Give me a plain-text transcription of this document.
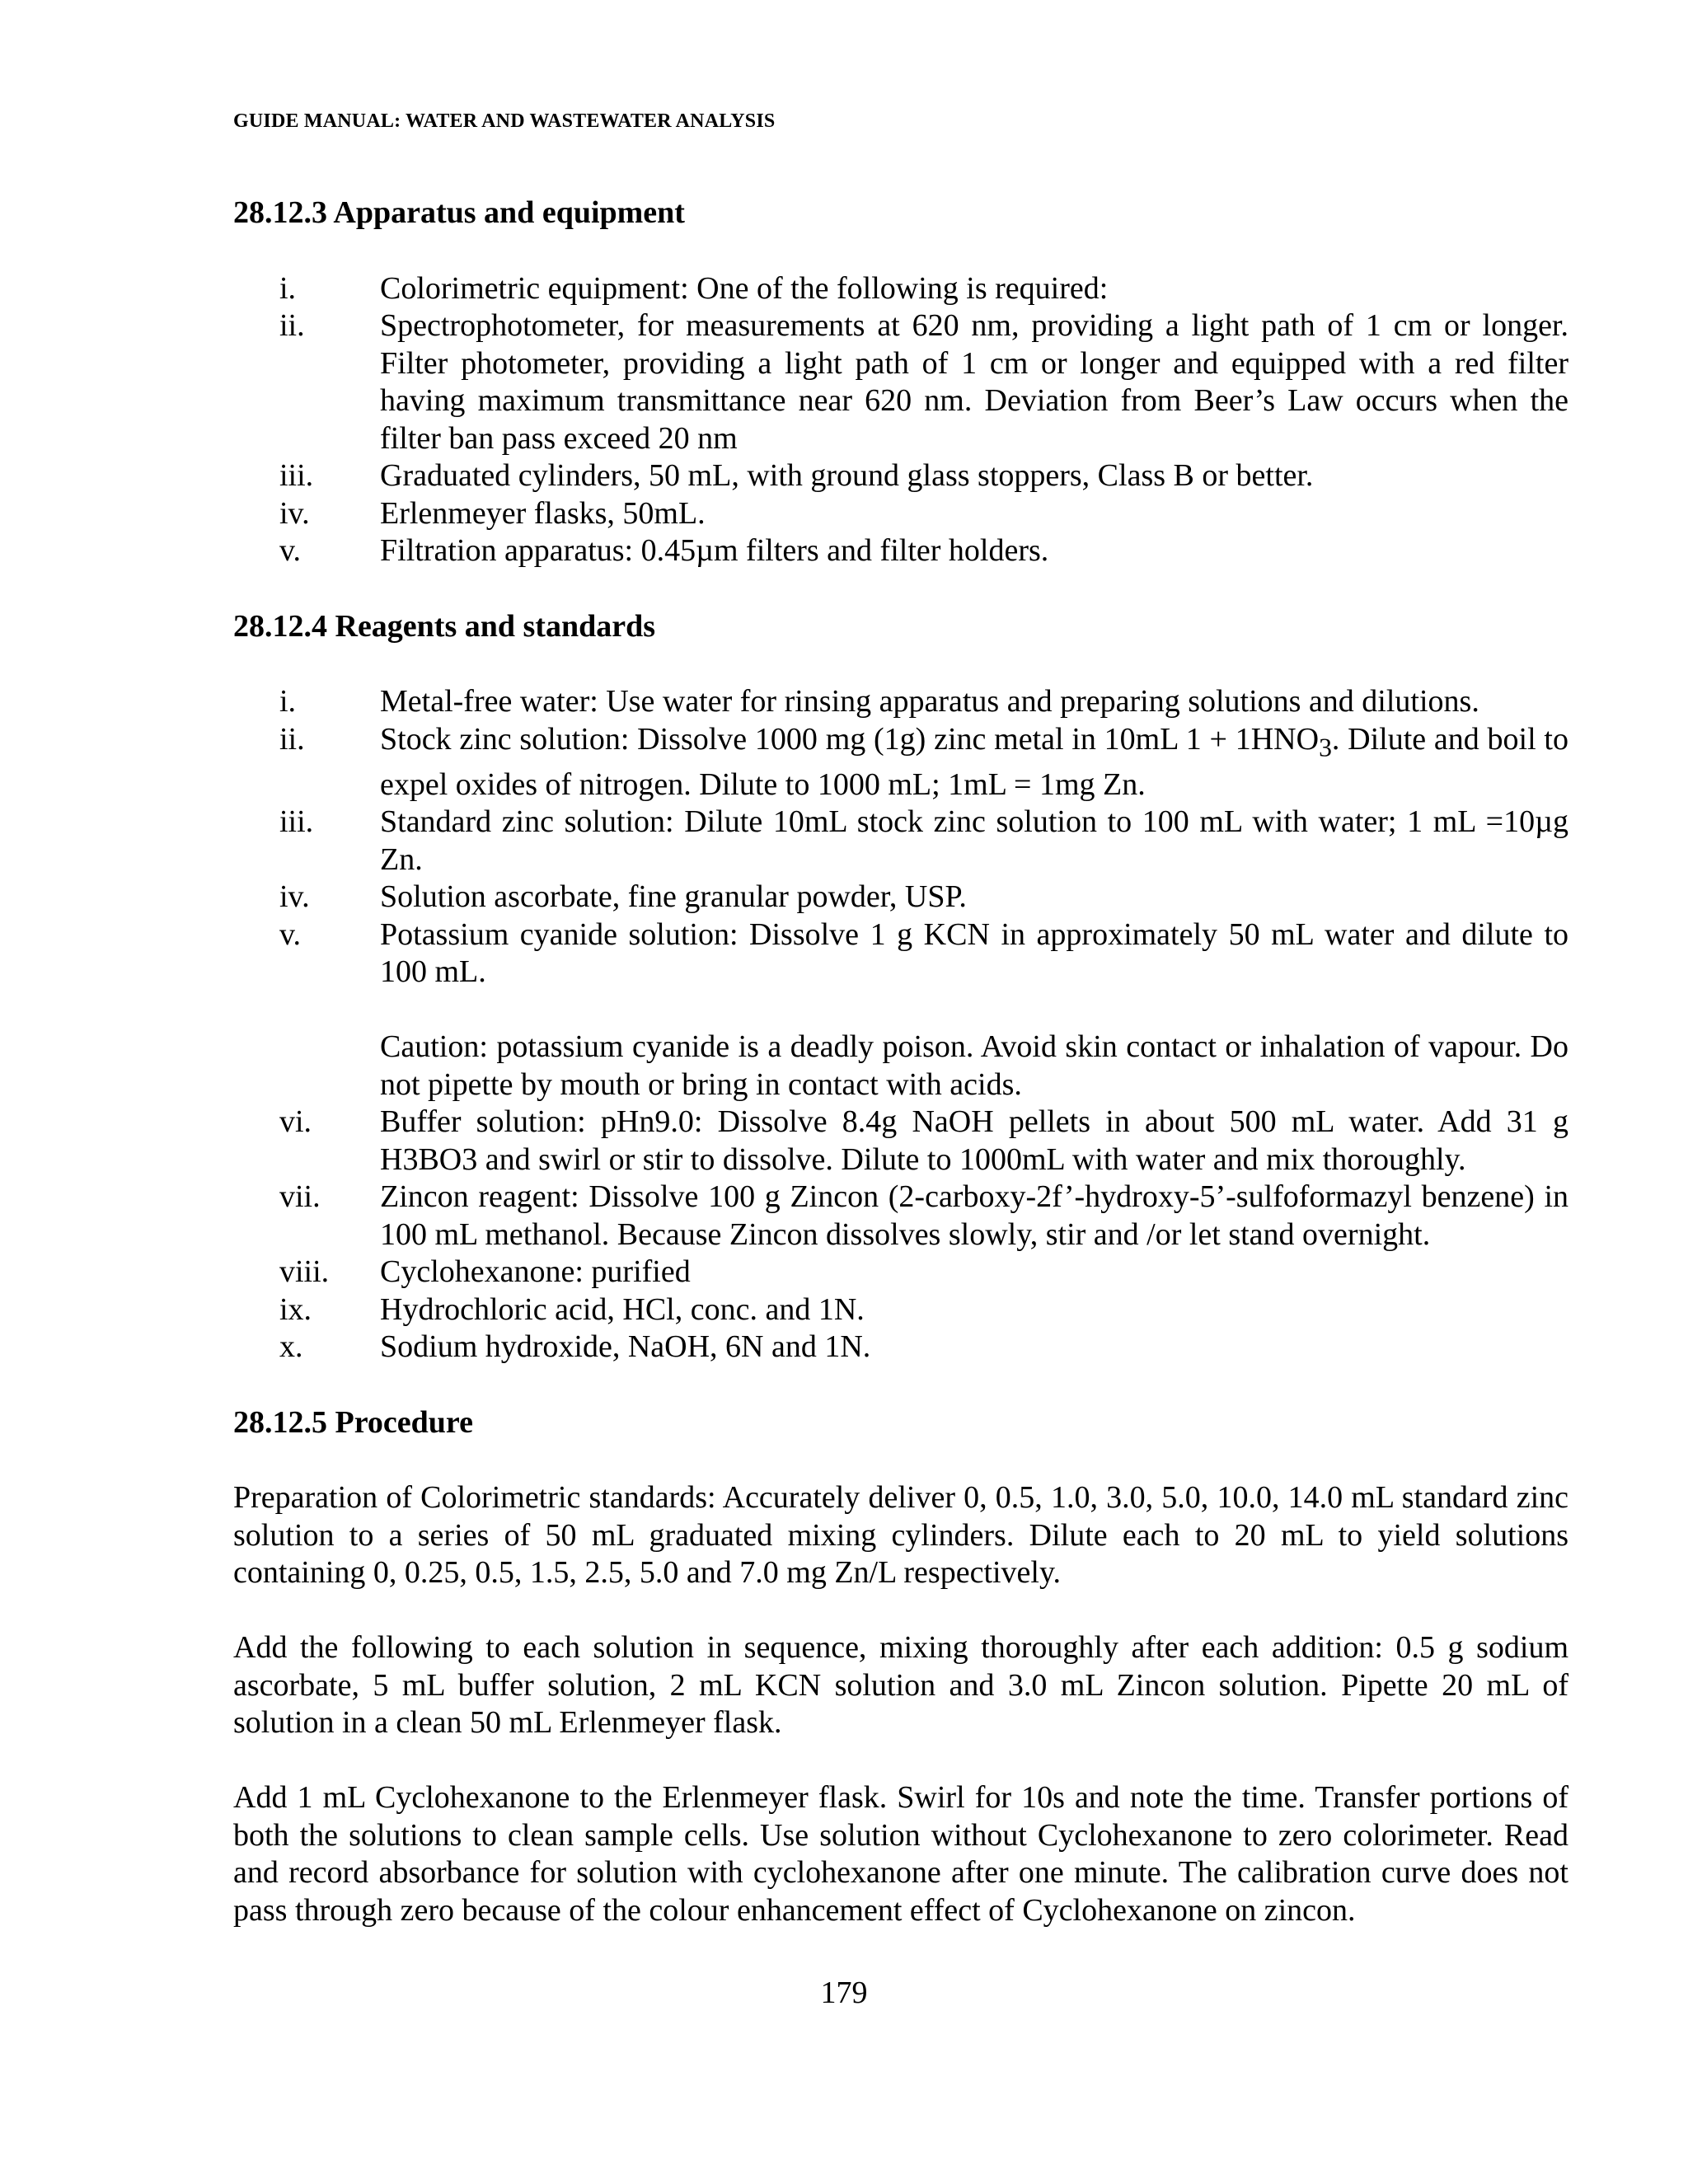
GUIDE MANUAL: WATER AND WASTEWATER ANALYSIS
28.12.3 Apparatus and equipment
i.	Colorimetric equipment: One of the following is required:
ii. Spectrophotometer, for measurements at 620 nm, providing a light path of 1 cm or longer. Filter photometer, providing a light path of 1 cm or longer and equipped with a red filter having maximum transmittance near 620 nm. Deviation from Beer’s Law occurs when the filter ban pass exceed 20 nm
iii. Graduated cylinders, 50 mL, with ground glass stoppers, Class B or better.
iv. Erlenmeyer flasks, 50mL.
v.	Filtration apparatus: 0.45µm filters and filter holders.
28.12.4 Reagents and standards
i.	Metal-free water: Use water for rinsing apparatus and preparing solutions and dilutions.
ii. Stock zinc solution: Dissolve 1000 mg (1g) zinc metal in 10mL $1 + 1HNO_3$. Dilute and boil to expel oxides of nitrogen. Dilute to 1000 mL; 1mL = 1mg Zn.
iii. Standard zinc solution: Dilute 10mL stock zinc solution to 100 mL with water; 1 mL =10µg Zn.
iv. Solution ascorbate, fine granular powder, USP.
v.	Potassium cyanide solution: Dissolve 1 g KCN in approximately 50 mL water and dilute to 100 mL.
Caution: potassium cyanide is a deadly poison. Avoid skin contact or inhalation of vapour. Do not pipette by mouth or bring in contact with acids.
vi. Buffer solution: pHn9.0: Dissolve 8.4g NaOH pellets in about 500 mL water. Add 31 g H3BO3 and swirl or stir to dissolve. Dilute to 1000mL with water and mix thoroughly.
vii. Zincon reagent: Dissolve 100 g Zincon (2-carboxy-2f’-hydroxy-5’-sulfoformazyl benzene) in 100 mL methanol. Because Zincon dissolves slowly, stir and /or let stand overnight.
viii. Cyclohexanone: purified
ix. Hydrochloric acid, HCl, conc. and 1N.
x. Sodium hydroxide, NaOH, 6N and 1N.
28.12.5 Procedure

Preparation of Colorimetric standards: Accurately deliver 0, 0.5, 1.0, 3.0, 5.0, 10.0, 14.0 mL standard zinc solution to a series of 50 mL graduated mixing cylinders. Dilute each to 20 mL to yield solutions containing 0, 0.25, 0.5, 1.5, 2.5, 5.0 and 7.0 mg Zn/L respectively.

Add the following to each solution in sequence, mixing thoroughly after each addition: 0.5 g sodium ascorbate, 5 mL buffer solution, 2 mL KCN solution and 3.0 mL Zincon solution. Pipette 20 mL of solution in a clean 50 mL Erlenmeyer flask.

Add 1 mL Cyclohexanone to the Erlenmeyer flask. Swirl for 10s and note the time. Transfer portions of both the solutions to clean sample cells. Use solution without Cyclohexanone to zero colorimeter. Read and record absorbance for solution with cyclohexanone after one minute. The calibration curve does not pass through zero because of the colour enhancement effect of Cyclohexanone on zincon.

179
